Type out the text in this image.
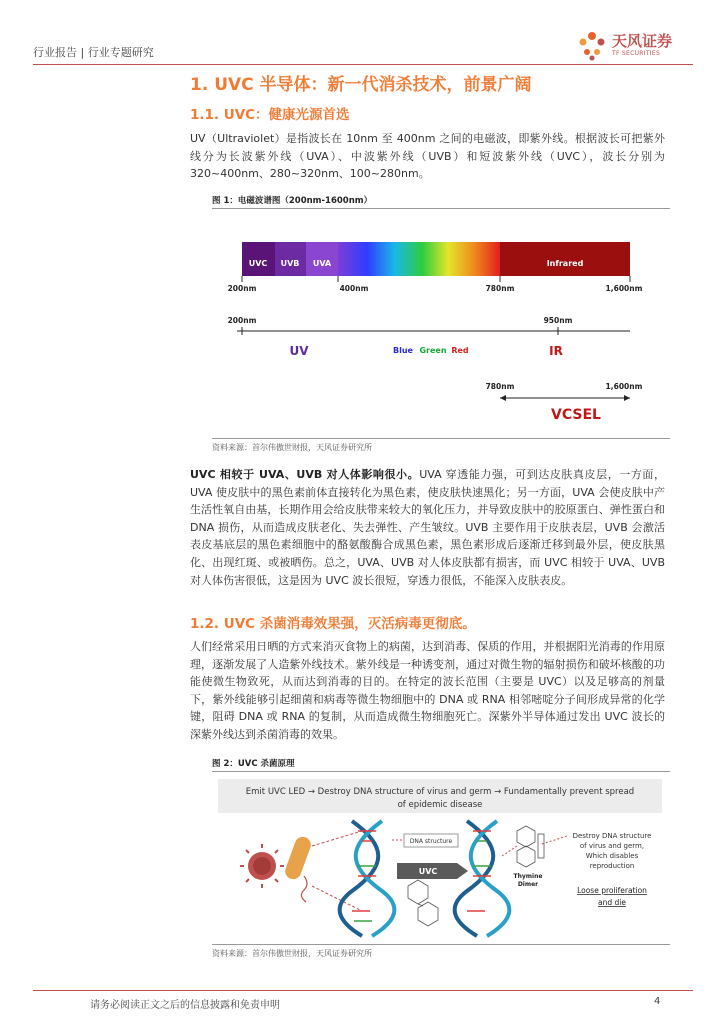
行业报告 | 行业专题研究
天风证券
TF SECURITIES
1. UVC 半导体：新一代消杀技术，前景广阔
1.1. UVC：健康光源首选
UV（Ultraviolet）是指波长在 10nm 至 400nm 之间的电磁波，即紫外线。根据波长可把紫外线分为长波紫外线（UVA）、中波紫外线（UVB）和短波紫外线（UVC），波长分别为 320~400nm、280~320nm、100~280nm。
图 1：电磁波谱图（200nm-1600nm）
UVC UVB UVA	Infrared
200nm	400nm	780nm	1,600nm
200nm	950nm
UV	Blue Green Red	IR
780nm	1,600nm
VCSEL
资料来源：首尔伟傲世财报，天风证券研究所
UVC 相较于 UVA、UVB 对人体影响很小。UVA 穿透能力强，可到达皮肤真皮层，一方面，UVA 使皮肤中的黑色素前体直接转化为黑色素，使皮肤快速黑化；另一方面，UVA 会使皮肤中产生活性氧自由基，长期作用会给皮肤带来较大的氧化压力，并导致皮肤中的胶原蛋白、弹性蛋白和 DNA 损伤，从而造成皮肤老化、失去弹性、产生皱纹。UVB 主要作用于皮肤表层，UVB 会激活表皮基底层的黑色素细胞中的酪氨酸酶合成黑色素，黑色素形成后逐渐迁移到最外层，使皮肤黑化、出现红斑、或被晒伤。总之，UVA、UVB 对人体皮肤都有损害，而 UVC 相较于 UVA、UVB 对人体伤害很低，这是因为 UVC 波长很短，穿透力很低，不能深入皮肤表皮。
1.2. UVC 杀菌消毒效果强，灭活病毒更彻底。
人们经常采用日晒的方式来消灭食物上的病菌，达到消毒、保质的作用，并根据阳光消毒的作用原理，逐渐发展了人造紫外线技术。紫外线是一种诱变剂，通过对微生物的辐射损伤和破坏核酸的功能使微生物致死，从而达到消毒的目的。在特定的波长范围（主要是 UVC）以及足够高的剂量下，紫外线能够引起细菌和病毒等微生物细胞中的 DNA 或 RNA 相邻嘧啶分子间形成异常的化学键，阻碍 DNA 或 RNA 的复制，从而造成微生物细胞死亡。深紫外半导体通过发出 UVC 波长的深紫外线达到杀菌消毒的效果。
图 2：UVC 杀菌原理
Emit UVC LED → Destroy DNA structure of virus and germ → Fundamentally prevent spread
of epidemic disease
DNA structure
UVC
Thymine
Dimer
Destroy DNA structure
of virus and germ,
Which disables
reproduction
Loose proliferation
and die
资料来源：首尔伟傲世财报，天风证券研究所
请务必阅读正文之后的信息披露和免责申明	4
